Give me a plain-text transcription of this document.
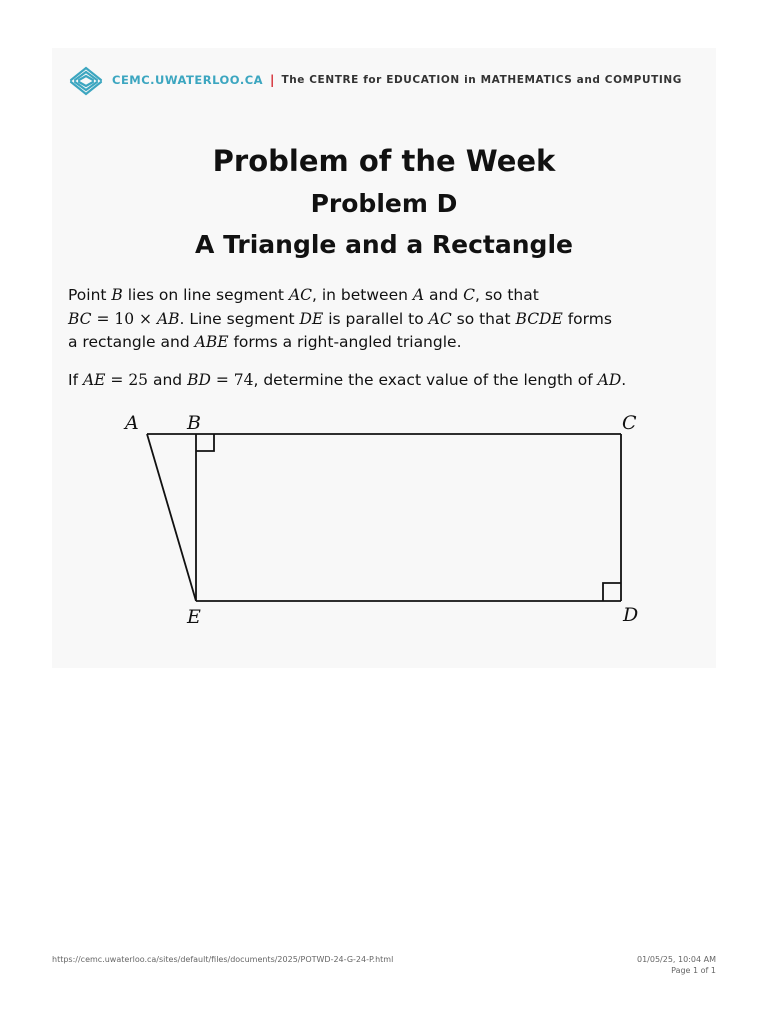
CEMC.UWATERLOO.CA | The CENTRE for EDUCATION in MATHEMATICS and COMPUTING
Problem of the Week
Problem D
A Triangle and a Rectangle
Point B lies on line segment AC, in between A and C, so that
BC = 10 × AB. Line segment DE is parallel to AC so that BCDE forms
a rectangle and ABE forms a right-angled triangle.
If AE = 25 and BD = 74, determine the exact value of the length of AD.
A	B	C
D
E
https://cemc.uwaterloo.ca/sites/default/files/documents/2025/POTWD-24-G-24-P.html	01/05/25, 10:04 AM
Page 1 of 1
